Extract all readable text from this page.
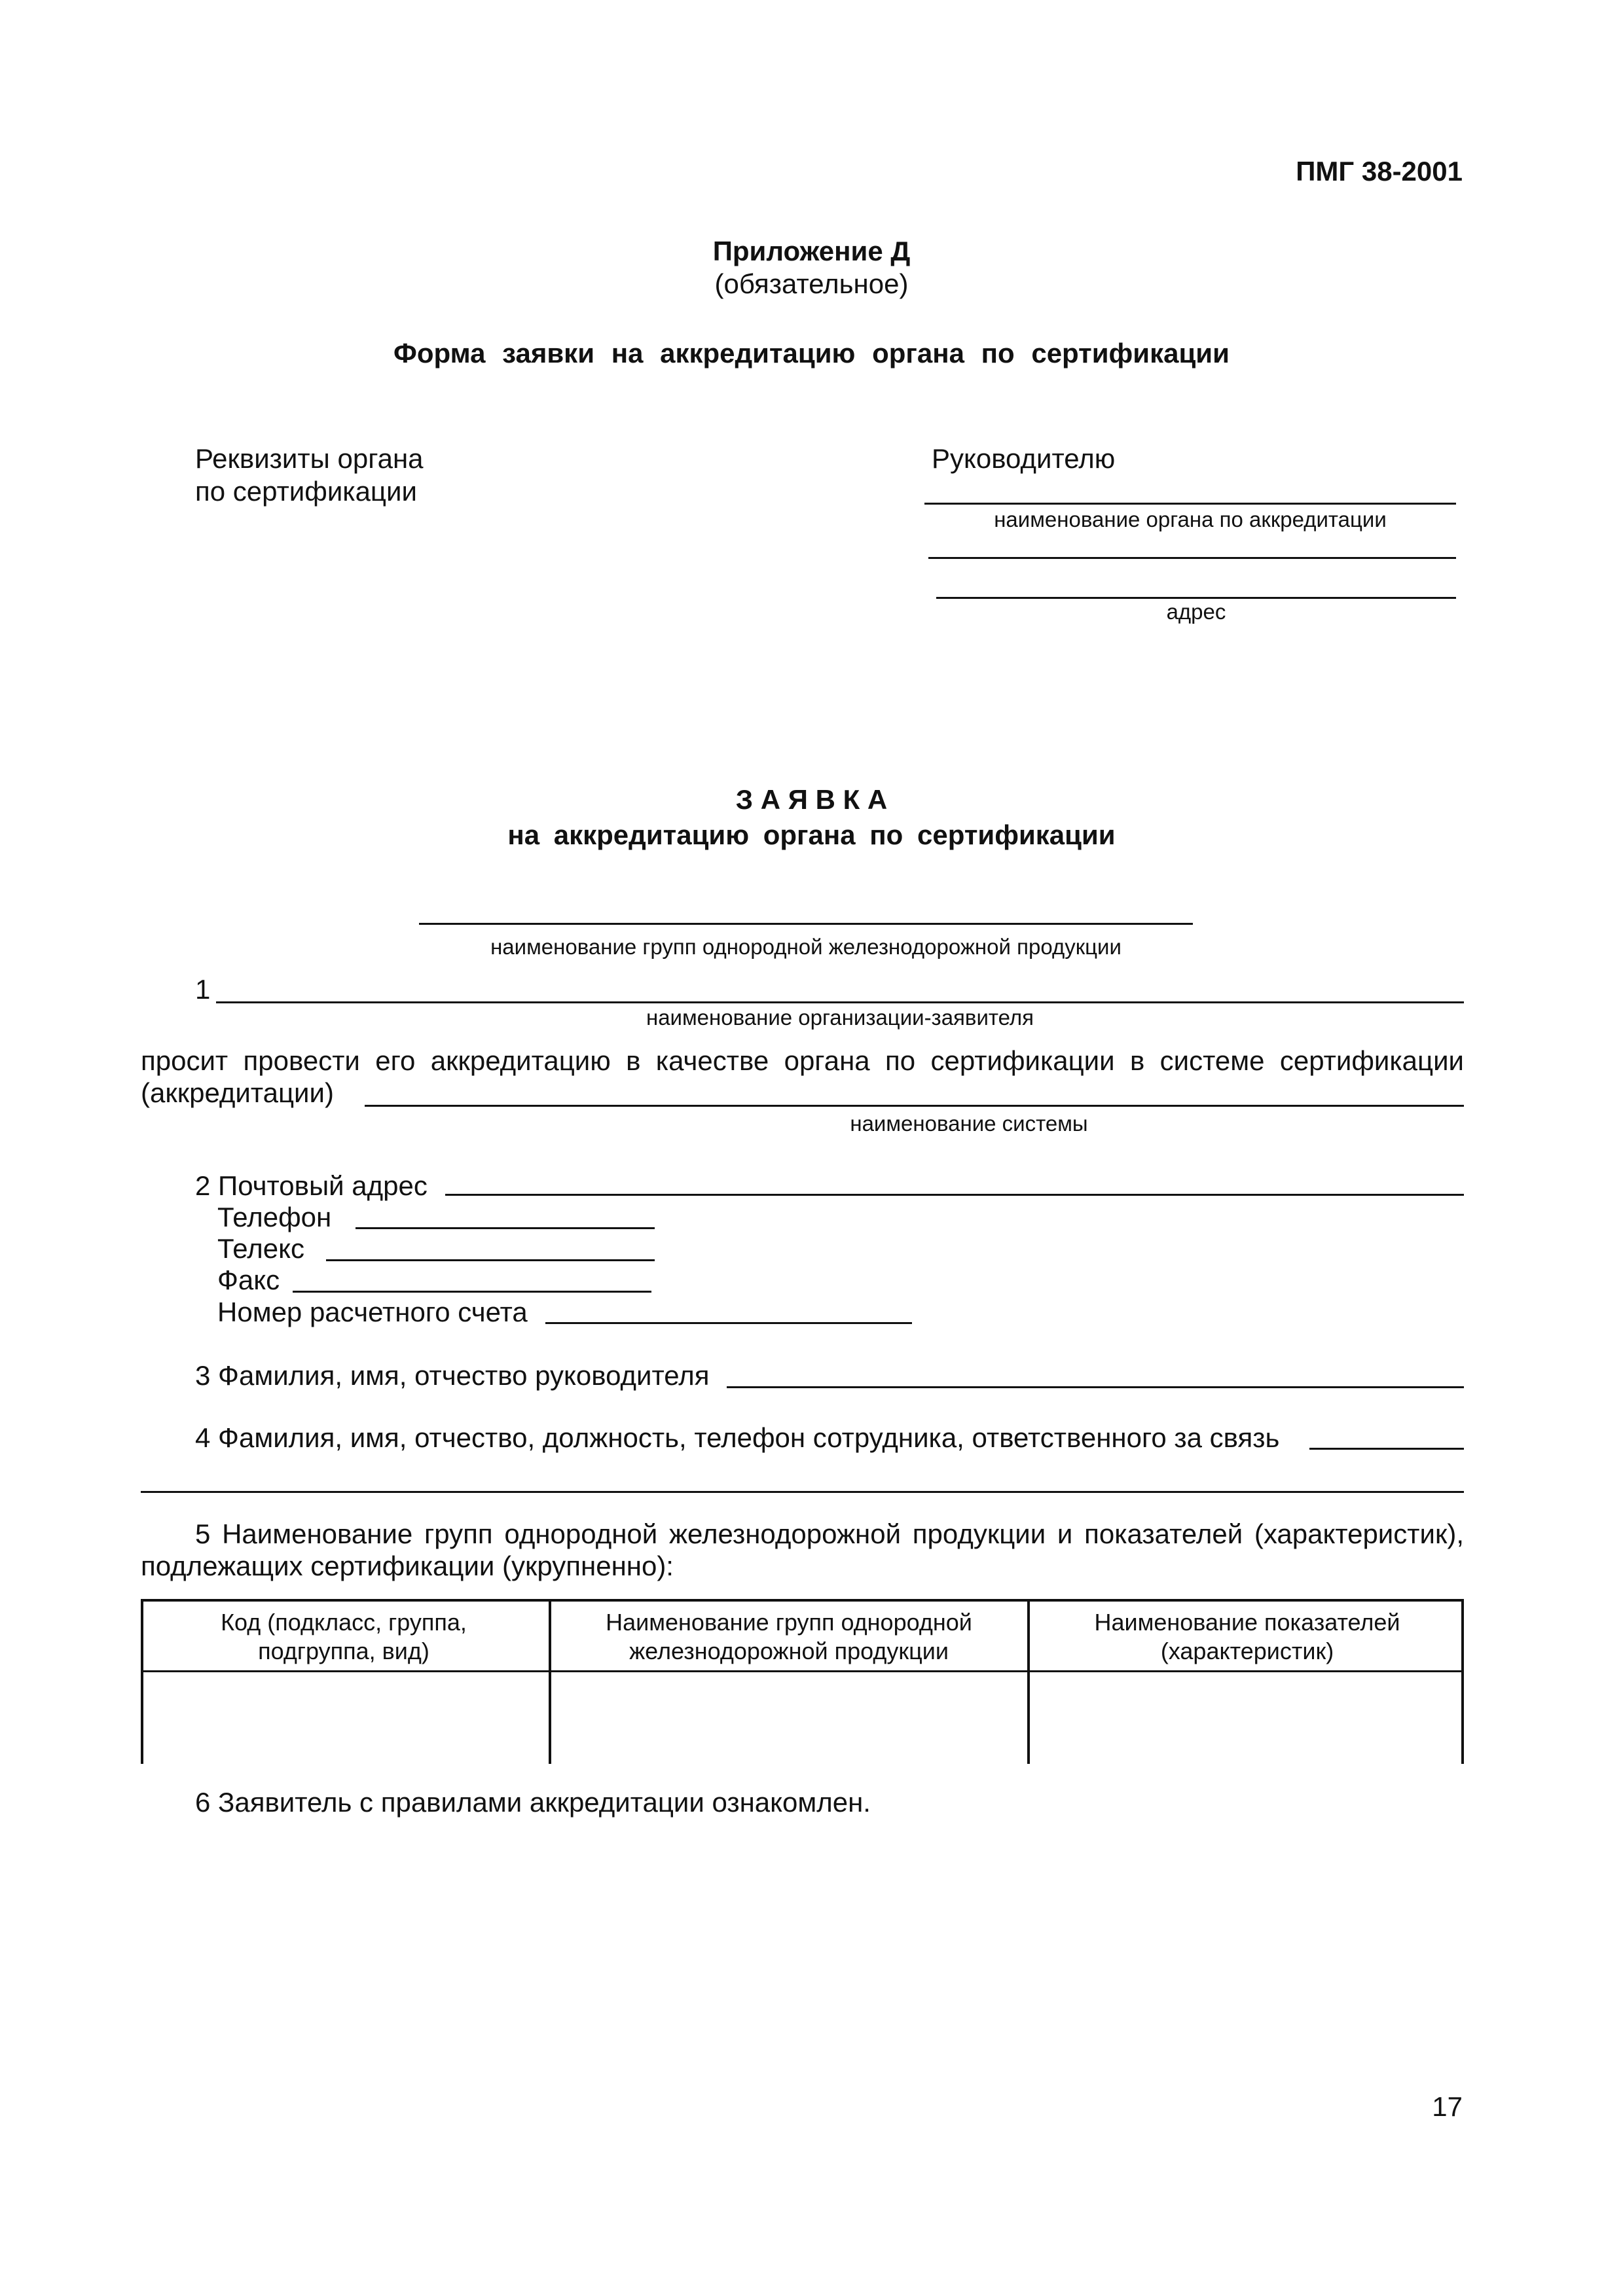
ПМГ 38-2001
Приложение Д
(обязательное)
Форма заявки на аккредитацию органа по сертификации
Реквизиты органа
по сертификации
Руководителю
наименование органа по аккредитации
адрес
З А Я В К А
на аккредитацию органа по сертификации
наименование групп однородной железнодорожной продукции
1
наименование организации-заявителя
просит провести его аккредитацию в качестве органа по сертификации в системе сертификации
(аккредитации)
наименование системы
2 Почтовый адрес
Телефон
Телекс
Факс
Номер расчетного счета
3 Фамилия, имя, отчество руководителя
4 Фамилия, имя, отчество, должность, телефон сотрудника, ответственного за связь
5 Наименование групп однородной железнодорожной продукции и показателей (характеристик),
подлежащих сертификации (укрупненно):
Код (подкласс, группа, подгруппа, вид)
Наименование групп однородной железнодорожной продукции
Наименование показателей (характеристик)
6 Заявитель с правилами аккредитации ознакомлен.
17
